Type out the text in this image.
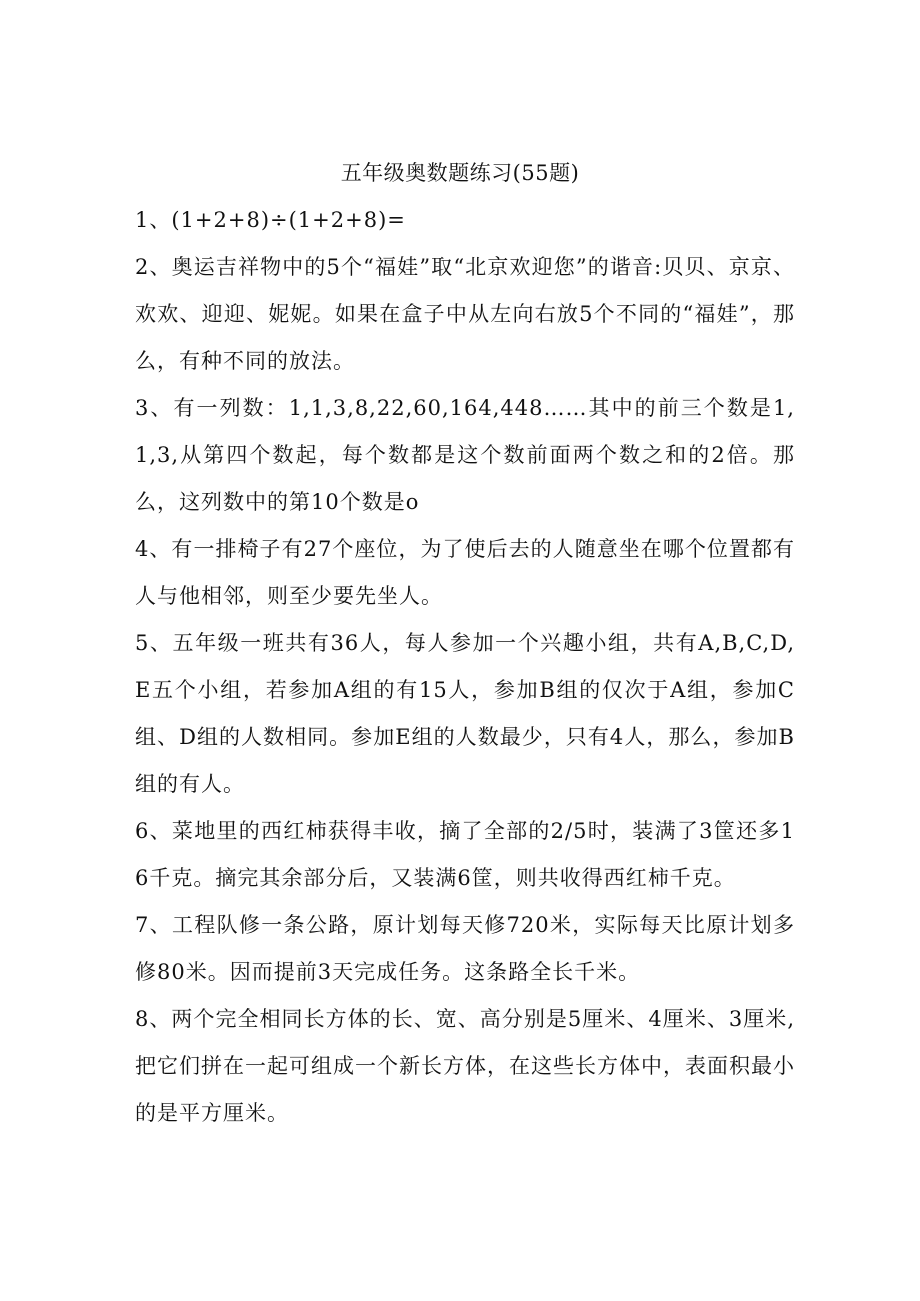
五年级奥数题练习(55题)

1、(1+2+8)÷(1+2+8)=

2、奥运吉祥物中的5个“福娃”取“北京欢迎您”的谐音:贝贝、京京、欢欢、迎迎、妮妮。如果在盒子中从左向右放5个不同的“福娃”，那么，有种不同的放法。

3、有一列数：1,1,3,8,22,60,164,448……其中的前三个数是1,1,3,从第四个数起，每个数都是这个数前面两个数之和的2倍。那么，这列数中的第10个数是o

4、有一排椅子有27个座位，为了使后去的人随意坐在哪个位置都有人与他相邻，则至少要先坐人。

5、五年级一班共有36人，每人参加一个兴趣小组，共有A,B,C,D,E五个小组，若参加A组的有15人，参加B组的仅次于A组，参加C组、D组的人数相同。参加E组的人数最少，只有4人，那么，参加B组的有人。

6、菜地里的西红柿获得丰收，摘了全部的2/5时，装满了3筐还多16千克。摘完其余部分后，又装满6筐，则共收得西红柿千克。

7、工程队修一条公路，原计划每天修720米，实际每天比原计划多修80米。因而提前3天完成任务。这条路全长千米。

8、两个完全相同长方体的长、宽、高分别是5厘米、4厘米、3厘米,把它们拼在一起可组成一个新长方体，在这些长方体中，表面积最小的是平方厘米。
